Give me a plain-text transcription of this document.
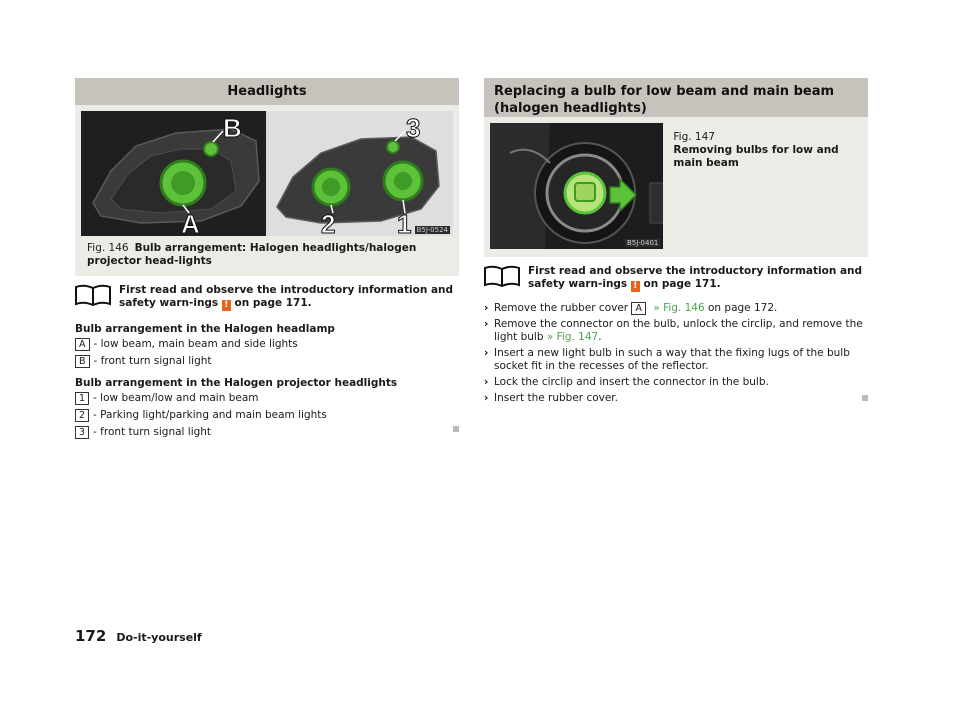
Headlights
B
A
3
2 1 B5J-0524
Fig. 146 Bulb arrangement: Halogen headlights/halogen projector head-lights
First read and observe the introductory information and safety warn-ings ! on page 171.
Bulb arrangement in the Halogen headlamp
A - low beam, main beam and side lights
B - front turn signal light
Bulb arrangement in the Halogen projector headlights
1 - low beam/low and main beam
2 - Parking light/parking and main beam lights
3 - front turn signal light
Replacing a bulb for low beam and main beam (halogen headlights)
B5J-0401
Fig. 147
Removing bulbs for low and main beam
First read and observe the introductory information and safety warn-ings ! on page 171.
› Remove the rubber cover A » Fig. 146 on page 172.
› Remove the connector on the bulb, unlock the circlip, and remove the light bulb » Fig. 147.
› Insert a new light bulb in such a way that the fixing lugs of the bulb socket fit in the recesses of the reflector.
› Lock the circlip and insert the connector in the bulb.
› Insert the rubber cover.
172 Do-it-yourself
